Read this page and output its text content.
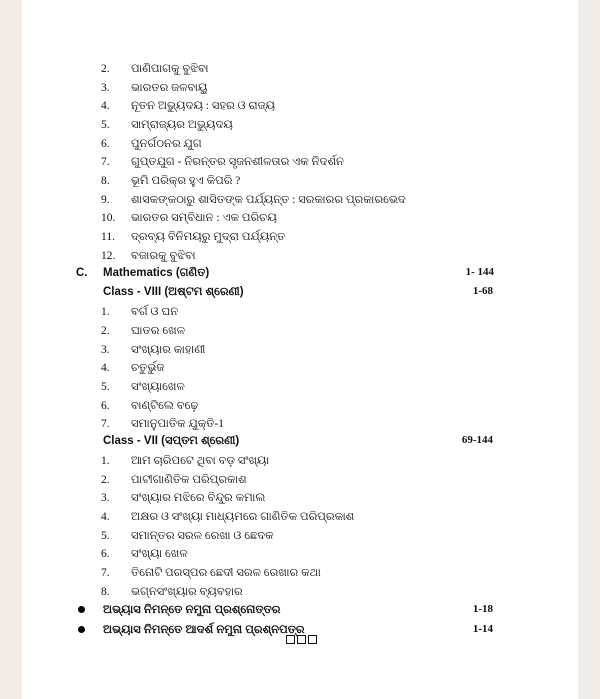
2.	ପାଣିପାଗକୁ ବୁଝିବା
3.	ଭାରତର ଜଳବାୟୁ
4.	ନୂତନ ଅଭ୍ୟୁଦୟ : ସହର ଓ ରାଜ୍ୟ
5.	ସାମ୍ରାଜ୍ୟର ଅଭ୍ୟୁଦୟ
6.	ପୁନର୍ଗଠନର ଯୁଗ
7.	ଗୁପ୍ତଯୁଗ - ନିରନ୍ତର ସୃଜନଶୀଳତାର ଏକ ନିଦର୍ଶନ
8.	ଭୂମି ପରିକ୍ର ହୁଏ କିପରି ?
9.	ଶାସକଙ୍କଠାରୁ ଶାସିତଙ୍କ ପର୍ଯ୍ୟନ୍ତ : ସରକାରର ପ୍ରକାରଭେଦ
10.	ଭାରତର ସମ୍ବିଧାନ : ଏକ ପରିଚୟ
11.	ଦ୍ରବ୍ୟ ବିନିମୟରୁ ମୁଦ୍ରା ପର୍ଯ୍ୟନ୍ତ
12.	ବଜାରକୁ ବୁଝିବା
C. Mathematics (ଗଣିତ)	1- 144
Class - VIII (ଅଷ୍ଟମ ଶ୍ରେଣୀ)	1-68
1.	ବର୍ଗ ଓ ଘନ
2.	ଘାତର ଖେଳ
3.	ସଂଖ୍ୟାର କାହାଣୀ
4.	ଚତୁର୍ଭୁଜ
5.	ସଂଖ୍ୟାଖେଳ
6.	ବାଣ୍ଟିଲେ ବଢ଼େ
7.	ସମାନୁପାତିକ ଯୁକ୍ତି-1
Class - VII (ସପ୍ତମ ଶ୍ରେଣୀ)	69-144
1.	ଆମ ଚାରିପଟେ ଥିବା ବଡ଼ ସଂଖ୍ୟା
2.	ପାଟୀଗାଣିତିକ ପରିପ୍ରକାଶ
3.	ସଂଖ୍ୟାର ମଝିରେ ବିନ୍ଦୁର କମାଲ
4.	ଅକ୍ଷର ଓ ସଂଖ୍ୟା ମାଧ୍ୟମରେ ଗାଣିତିକ ପରିପ୍ରକାଶ
5.	ସମାନ୍ତର ସରଳ ରେଖା ଓ ଛେଦକ
6.	ସଂଖ୍ୟା ଖେଳ
7.	ତିନୋଟି ପରସ୍ପର ଛେଦୀ ସରଳ ରେଖାର କଥା
8.	ଭଗ୍ନସଂଖ୍ୟାର ବ୍ୟବହାର
ଅଭ୍ୟାସ ନିମନ୍ତେ ନମୁନା ପ୍ରଶ୍ନୋତ୍ତର	1-18
ଅଭ୍ୟାସ ନିମନ୍ତେ ଆଦର୍ଶ ନମୁନା ପ୍ରଶ୍ନପତ୍ର	1-14
